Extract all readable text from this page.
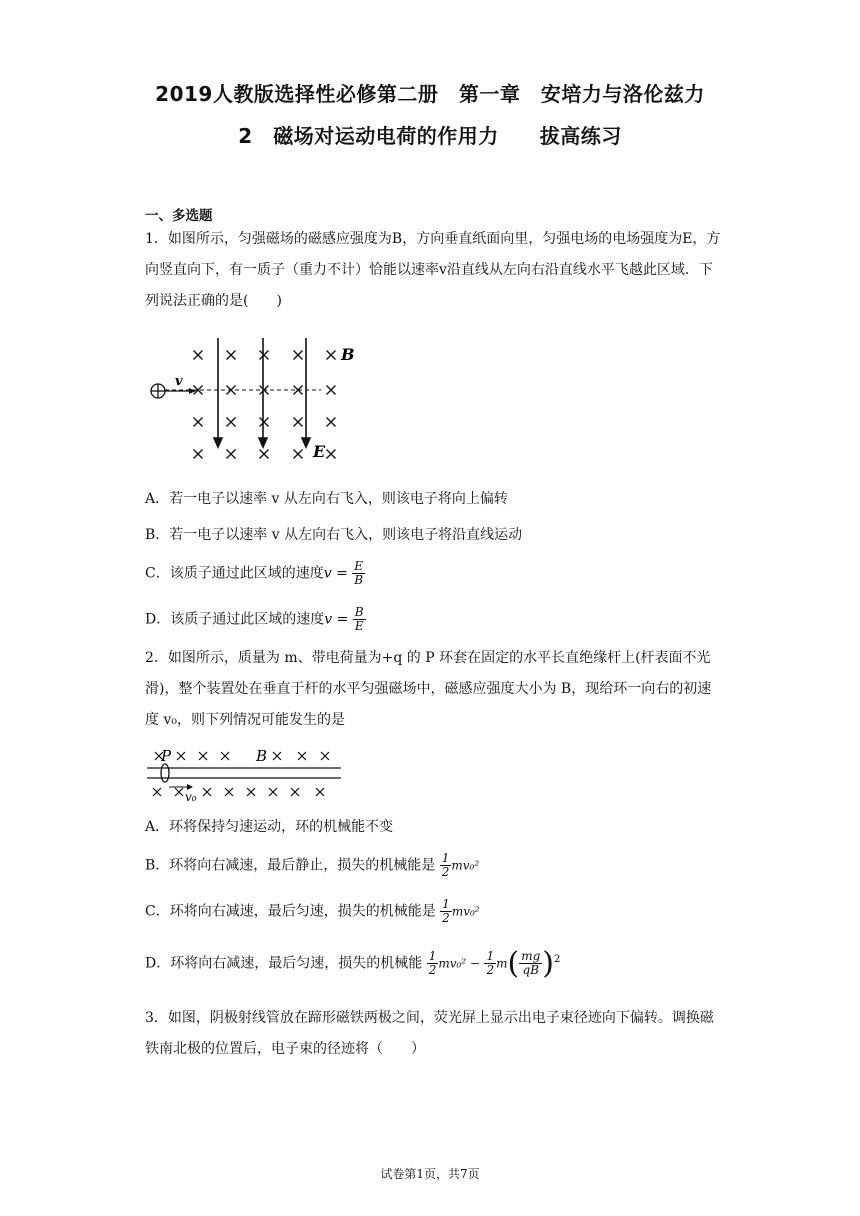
2019人教版选择性必修第二册　第一章　安培力与洛伦兹力
2　磁场对运动电荷的作用力　　拔高练习
一、多选题
1．如图所示，匀强磁场的磁感应强度为B，方向垂直纸面向里，匀强电场的电场强度为E，方向竖直向下，有一质子（重力不计）恰能以速率v沿直线从左向右沿直线水平飞越此区域．下列说法正确的是(　　)
v
B
E
A．若一电子以速率 v 从左向右飞入，则该电子将向上偏转
B．若一电子以速率 v 从左向右飞入，则该电子将沿直线运动
C．该质子通过此区域的速度$v = \frac{E}{B}$
D．该质子通过此区域的速度$v = \frac{B}{E}$
2．如图所示，质量为 m、带电荷量为+q 的 P 环套在固定的水平长直绝缘杆上(杆表面不光滑)，整个装置处在垂直于杆的水平匀强磁场中，磁感应强度大小为 B，现给环一向右的初速度 v₀，则下列情况可能发生的是
P	B
v₀
A．环将保持匀速运动，环的机械能不变
B．环将向右减速，最后静止，损失的机械能是 $\frac{1}{2} mv_0^2$
C．环将向右减速，最后匀速，损失的机械能是 $\frac{1}{2} mv_0^2$
D．环将向右减速，最后匀速，损失的机械能 $\frac{1}{2} mv_0^2 - \frac{1}{2} m( \frac{mg}{qB} )^2$
3．如图，阴极射线管放在蹄形磁铁两极之间，荧光屏上显示出电子束径迹向下偏转。调换磁铁南北极的位置后，电子束的径迹将（　　）
试卷第1页，共7页
